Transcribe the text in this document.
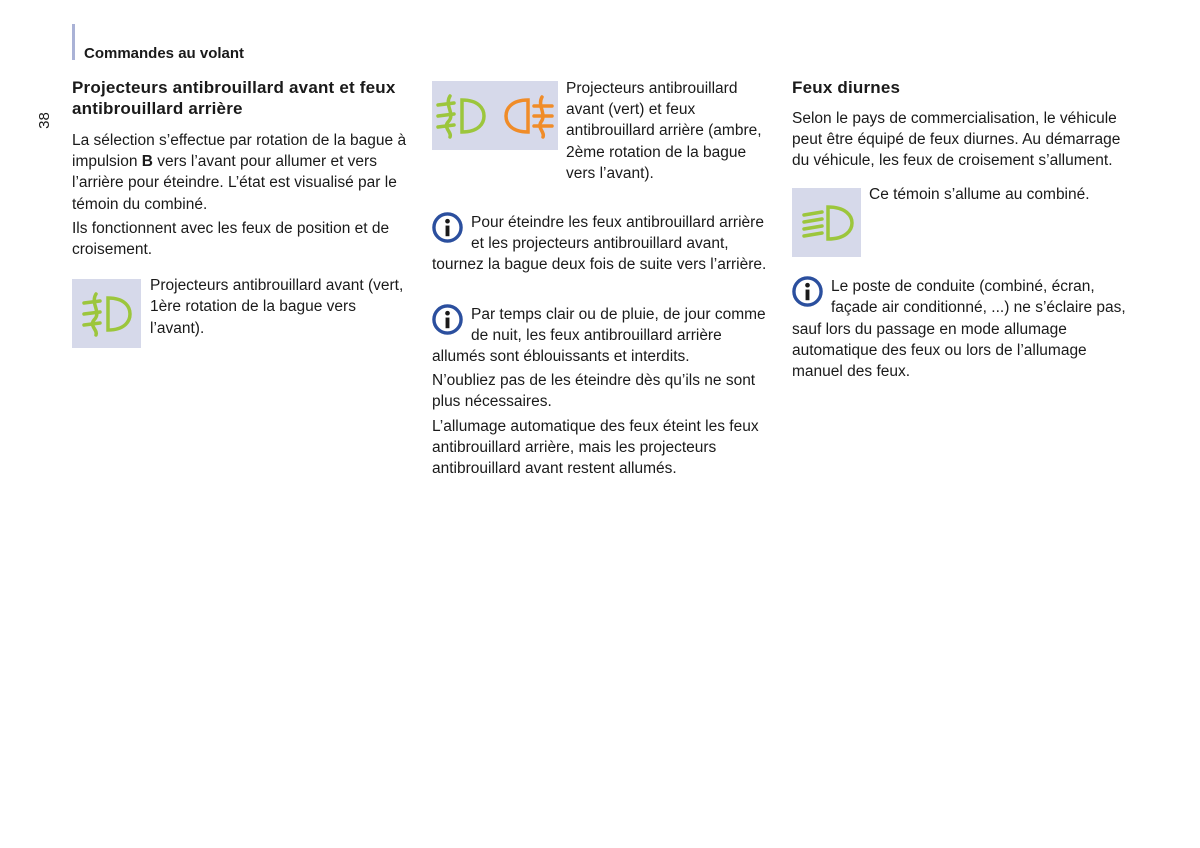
Commandes au volant
38
Projecteurs antibrouillard avant et feux antibrouillard arrière

La sélection s’effectue par rotation de la bague à impulsion B vers l’avant pour allumer et vers l’arrière pour éteindre. L’état est visualisé par le témoin du combiné.

Ils fonctionnent avec les feux de position et de croisement.

Projecteurs antibrouillard avant (vert, 1ère rotation de la bague vers l’avant).

Projecteurs antibrouillard avant (vert) et feux antibrouillard arrière (ambre, 2ème rotation de la bague vers l’avant).

Pour éteindre les feux antibrouillard arrière et les projecteurs antibrouillard avant, tournez la bague deux fois de suite vers l’arrière.

Par temps clair ou de pluie, de jour comme de nuit, les feux antibrouillard arrière allumés sont éblouissants et interdits.

N’oubliez pas de les éteindre dès qu’ils ne sont plus nécessaires.

L’allumage automatique des feux éteint les feux antibrouillard arrière, mais les projecteurs antibrouillard avant restent allumés.

Feux diurnes

Selon le pays de commercialisation, le véhicule peut être équipé de feux diurnes. Au démarrage du véhicule, les feux de croisement s’allument.

Ce témoin s’allume au combiné.

Le poste de conduite (combiné, écran, façade air conditionné, ...) ne s’éclaire pas, sauf lors du passage en mode allumage automatique des feux ou lors de l’allumage manuel des feux.
